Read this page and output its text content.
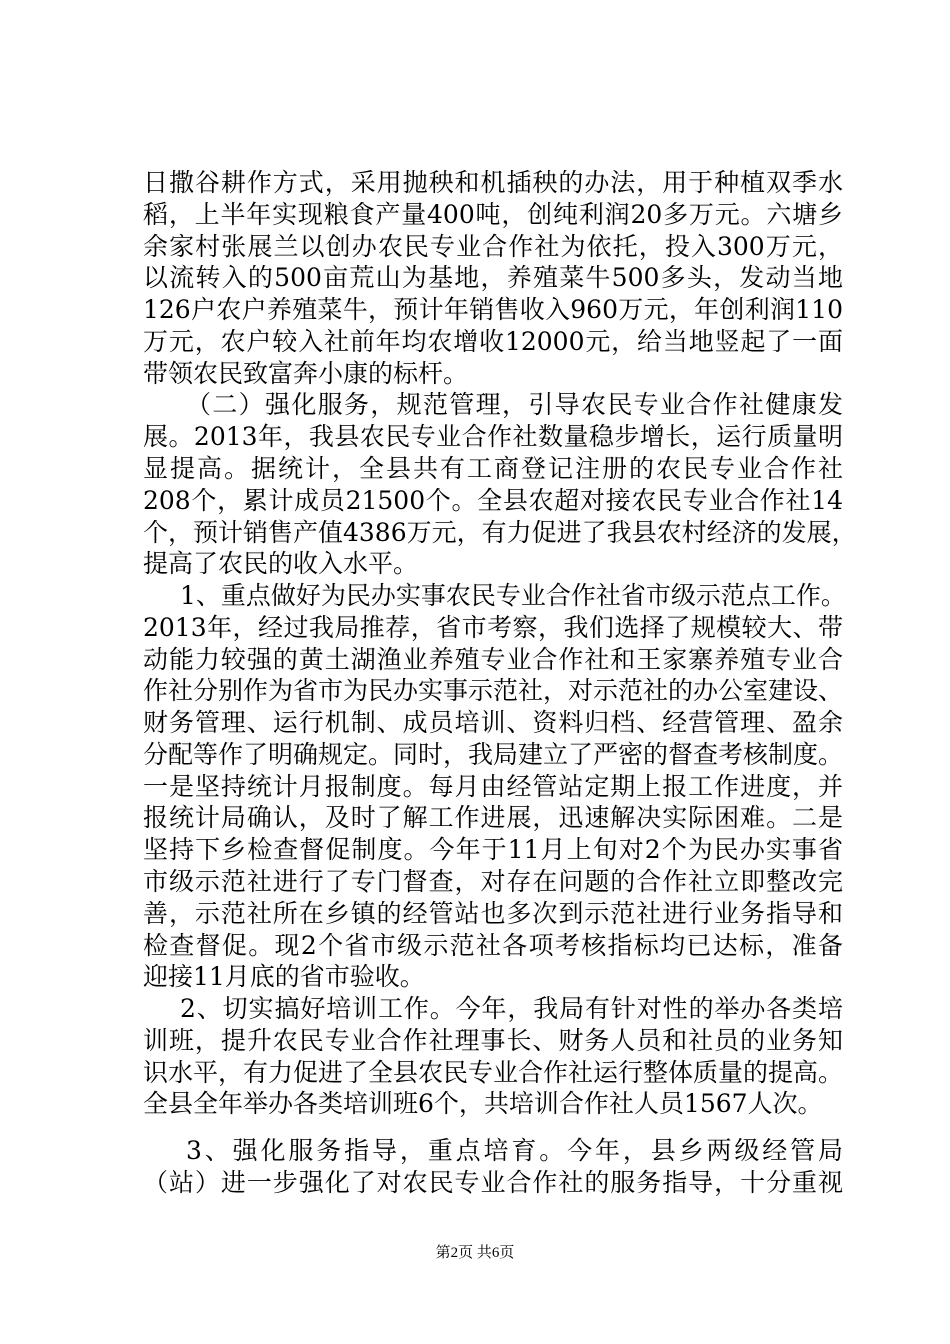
日撒谷耕作方式，采用抛秧和机插秧的办法，用于种植双季水
稻，上半年实现粮食产量400吨，创纯利润20多万元。六塘乡
余家村张展兰以创办农民专业合作社为依托，投入300万元，
以流转入的500亩荒山为基地，养殖菜牛500多头，发动当地
126户农户养殖菜牛，预计年销售收入960万元，年创利润110
万元，农户较入社前年均农增收12000元，给当地竖起了一面
带领农民致富奔小康的标杆。
（二）强化服务，规范管理，引导农民专业合作社健康发
展。2013年，我县农民专业合作社数量稳步增长，运行质量明
显提高。据统计，全县共有工商登记注册的农民专业合作社
208个，累计成员21500个。全县农超对接农民专业合作社14
个，预计销售产值4386万元，有力促进了我县农村经济的发展，
提高了农民的收入水平。
1、重点做好为民办实事农民专业合作社省市级示范点工作。
2013年，经过我局推荐，省市考察，我们选择了规模较大、带
动能力较强的黄土湖渔业养殖专业合作社和王家寨养殖专业合
作社分别作为省市为民办实事示范社，对示范社的办公室建设、
财务管理、运行机制、成员培训、资料归档、经营管理、盈余
分配等作了明确规定。同时，我局建立了严密的督查考核制度。
一是坚持统计月报制度。每月由经管站定期上报工作进度，并
报统计局确认，及时了解工作进展，迅速解决实际困难。二是
坚持下乡检查督促制度。今年于11月上旬对2个为民办实事省
市级示范社进行了专门督查，对存在问题的合作社立即整改完
善，示范社所在乡镇的经管站也多次到示范社进行业务指导和
检查督促。现2个省市级示范社各项考核指标均已达标，准备
迎接11月底的省市验收。
2、切实搞好培训工作。今年，我局有针对性的举办各类培
训班，提升农民专业合作社理事长、财务人员和社员的业务知
识水平，有力促进了全县农民专业合作社运行整体质量的提高。
全县全年举办各类培训班6个，共培训合作社人员1567人次。
3、强化服务指导，重点培育。今年，县乡两级经管局
（站）进一步强化了对农民专业合作社的服务指导，十分重视
第2页 共6页
